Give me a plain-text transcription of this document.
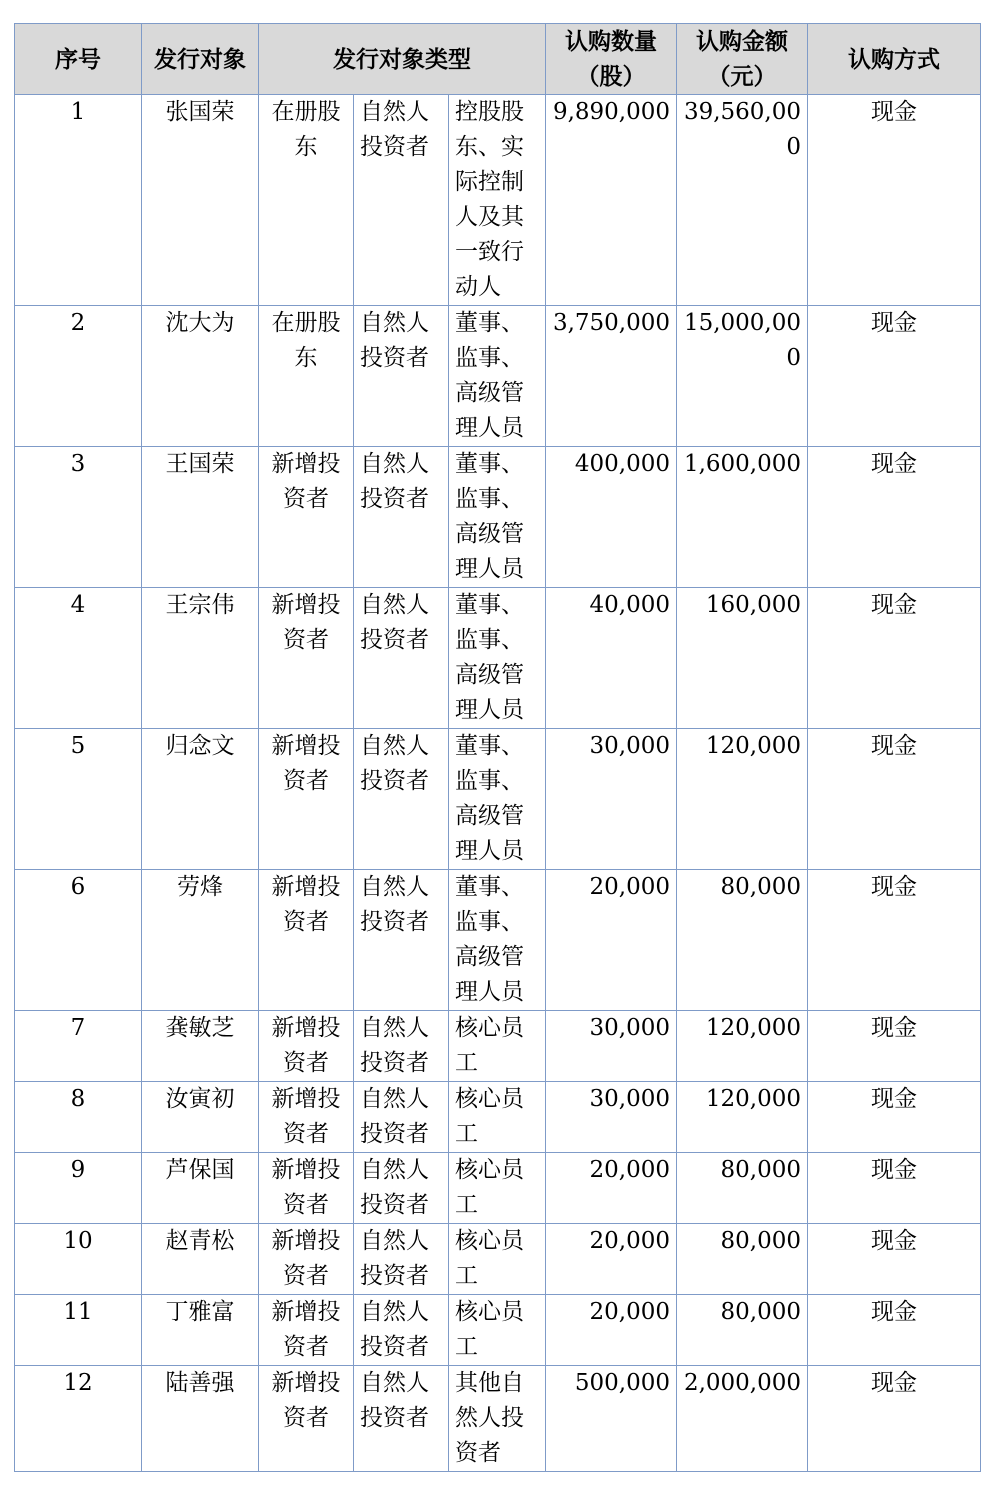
序号	发行对象	发行对象类型			认购数量（股）	认购金额（元）	认购方式
1	张国荣	在册股东	自然人投资者	控股股东、实际控制人及其一致行动人	9,890,000	39,560,000	现金
2	沈大为	在册股东	自然人投资者	董事、监事、高级管理人员	3,750,000	15,000,000	现金
3	王国荣	新增投资者	自然人投资者	董事、监事、高级管理人员	400,000	1,600,000	现金
4	王宗伟	新增投资者	自然人投资者	董事、监事、高级管理人员	40,000	160,000	现金
5	归念文	新增投资者	自然人投资者	董事、监事、高级管理人员	30,000	120,000	现金
6	劳烽	新增投资者	自然人投资者	董事、监事、高级管理人员	20,000	80,000	现金
7	龚敏芝	新增投资者	自然人投资者	核心员工	30,000	120,000	现金
8	汝寅初	新增投资者	自然人投资者	核心员工	30,000	120,000	现金
9	芦保国	新增投资者	自然人投资者	核心员工	20,000	80,000	现金
10	赵青松	新增投资者	自然人投资者	核心员工	20,000	80,000	现金
11	丁雅富	新增投资者	自然人投资者	核心员工	20,000	80,000	现金
12	陆善强	新增投资者	自然人投资者	其他自然人投资者	500,000	2,000,000	现金
